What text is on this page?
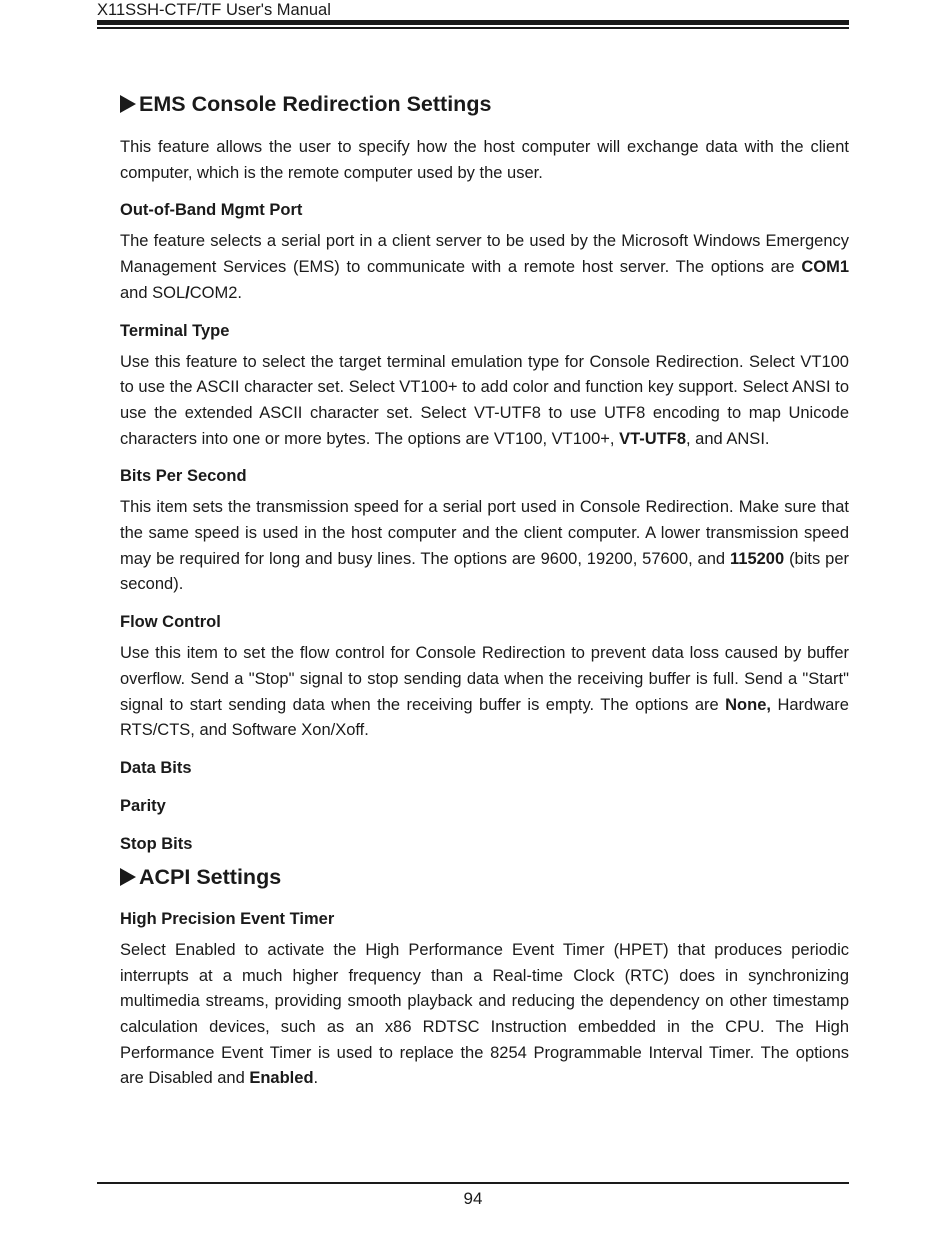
X11SSH-CTF/TF User's Manual
EMS Console Redirection Settings

This feature allows the user to specify how the host computer will exchange data with the client computer, which is the remote computer used by the user.

Out-of-Band Mgmt Port

The feature selects a serial port in a client server to be used by the Microsoft Windows Emergency Management Services (EMS) to communicate with a remote host server. The options are COM1 and SOL/COM2.

Terminal Type

Use this feature to select the target terminal emulation type for Console Redirection. Select VT100 to use the ASCII character set. Select VT100+ to add color and function key support. Select ANSI to use the extended ASCII character set. Select VT-UTF8 to use UTF8 encoding to map Unicode characters into one or more bytes. The options are VT100, VT100+, VT-UTF8, and ANSI.

Bits Per Second

This item sets the transmission speed for a serial port used in Console Redirection. Make sure that the same speed is used in the host computer and the client computer. A lower transmission speed may be required for long and busy lines. The options are 9600, 19200, 57600, and 115200 (bits per second).

Flow Control

Use this item to set the flow control for Console Redirection to prevent data loss caused by buffer overflow. Send a "Stop" signal to stop sending data when the receiving buffer is full. Send a "Start" signal to start sending data when the receiving buffer is empty. The options are None, Hardware RTS/CTS, and Software Xon/Xoff.

Data Bits

Parity

Stop Bits

ACPI Settings

High Precision Event Timer

Select Enabled to activate the High Performance Event Timer (HPET) that produces periodic interrupts at a much higher frequency than a Real-time Clock (RTC) does in synchronizing multimedia streams, providing smooth playback and reducing the dependency on other timestamp calculation devices, such as an x86 RDTSC Instruction embedded in the CPU. The High Performance Event Timer is used to replace the 8254 Programmable Interval Timer. The options are Disabled and Enabled.

94
